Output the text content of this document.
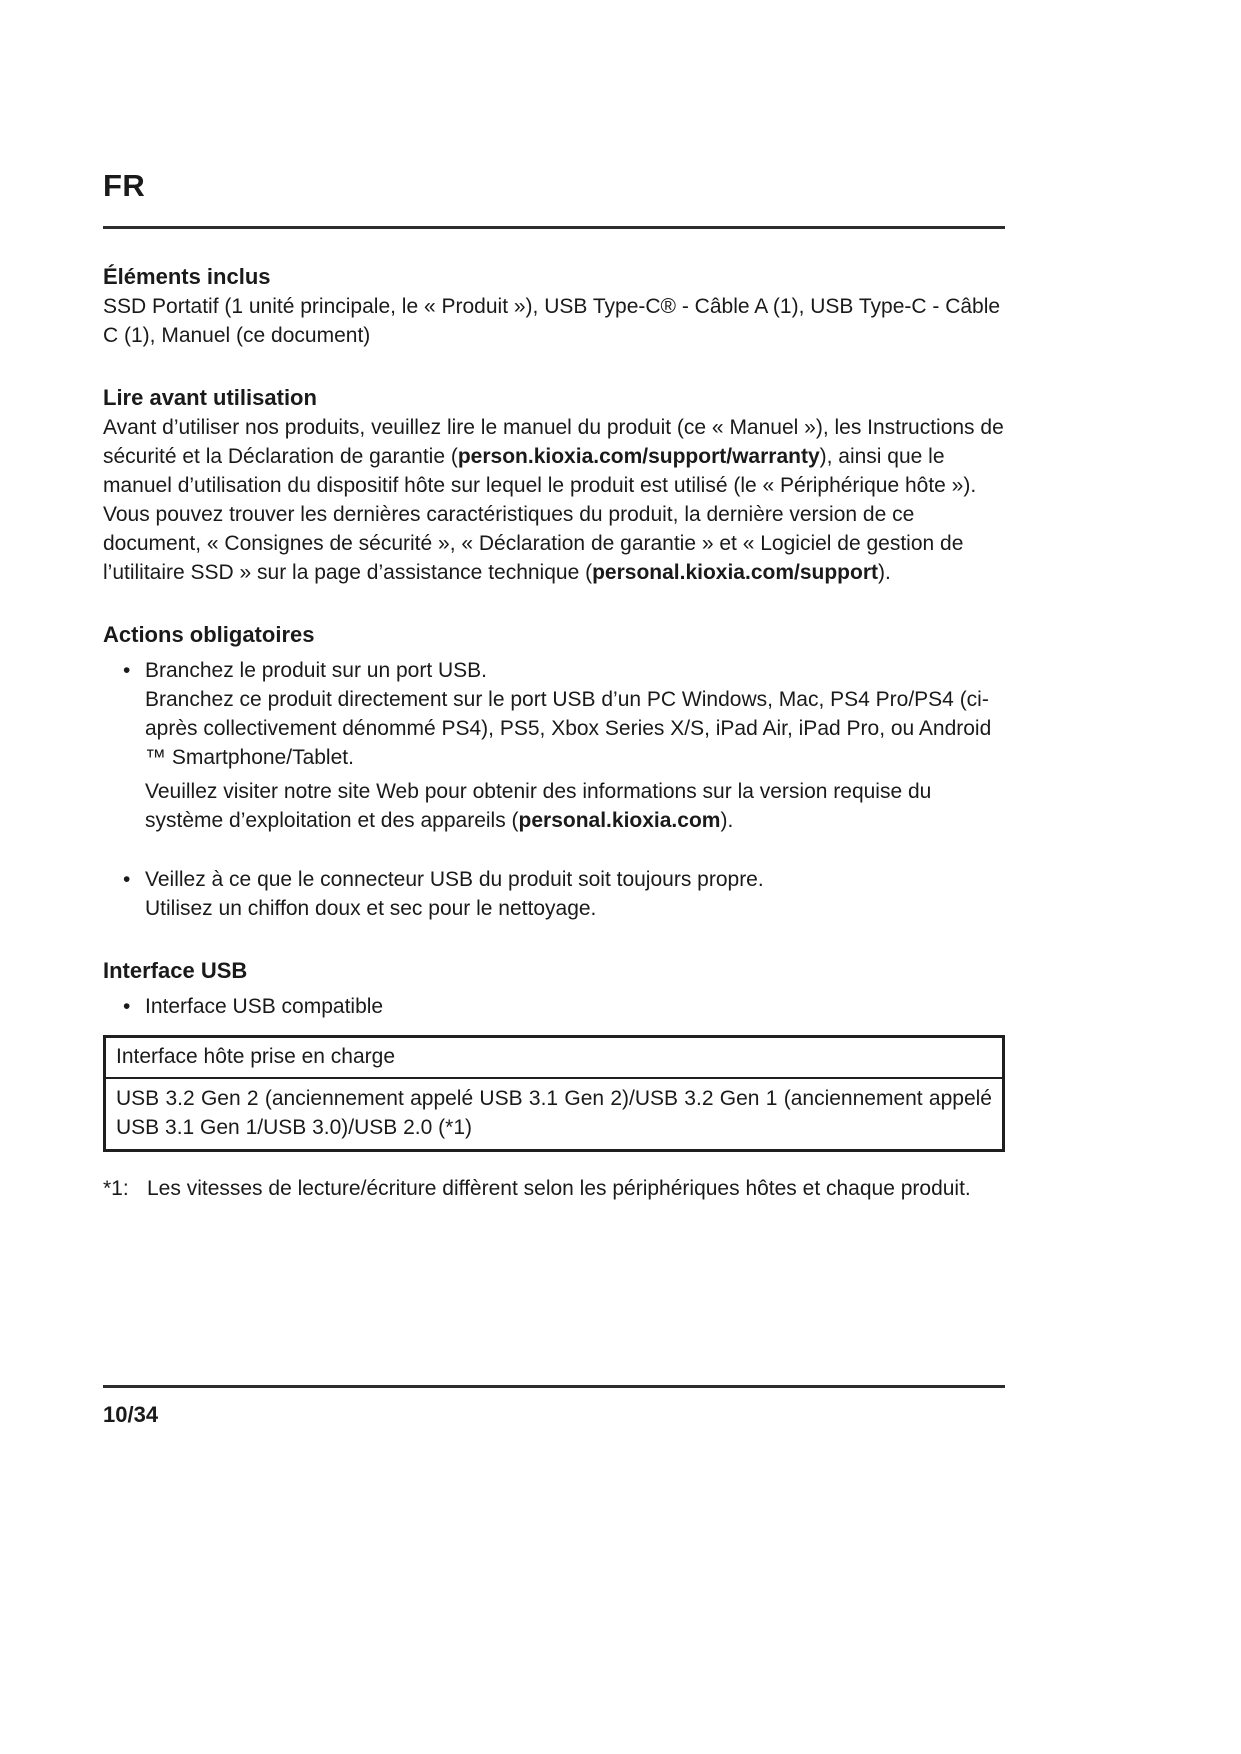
FR
Éléments inclus

SSD Portatif (1 unité principale, le « Produit »), USB Type-C® - Câble A (1), USB Type-C - Câble C (1), Manuel (ce document)

Lire avant utilisation

Avant d’utiliser nos produits, veuillez lire le manuel du produit (ce « Manuel »), les Instructions de sécurité et la Déclaration de garantie (person.kioxia.com/support/warranty), ainsi que le manuel d’utilisation du dispositif hôte sur lequel le produit est utilisé (le « Périphérique hôte »).

Vous pouvez trouver les dernières caractéristiques du produit, la dernière version de ce document, « Consignes de sécurité », « Déclaration de garantie » et « Logiciel de gestion de l’utilitaire SSD » sur la page d’assistance technique (personal.kioxia.com/support).

Actions obligatoires
• Branchez le produit sur un port USB.

Branchez ce produit directement sur le port USB d’un PC Windows, Mac, PS4 Pro/PS4 (ci-après collectivement dénommé PS4), PS5, Xbox Series X/S, iPad Air, iPad Pro, ou Android ™ Smartphone/Tablet.

Veuillez visiter notre site Web pour obtenir des informations sur la version requise du système d’exploitation et des appareils (personal.kioxia.com).

• Veillez à ce que le connecteur USB du produit soit toujours propre.

Utilisez un chiffon doux et sec pour le nettoyage.

Interface USB
• Interface USB compatible

Interface hôte prise en charge
USB 3.2 Gen 2 (anciennement appelé USB 3.1 Gen 2)/USB 3.2 Gen 1 (anciennement appelé USB 3.1 Gen 1/USB 3.0)/USB 2.0 (*1)
*1: Les vitesses de lecture/écriture diffèrent selon les périphériques hôtes et chaque produit.
10/34
